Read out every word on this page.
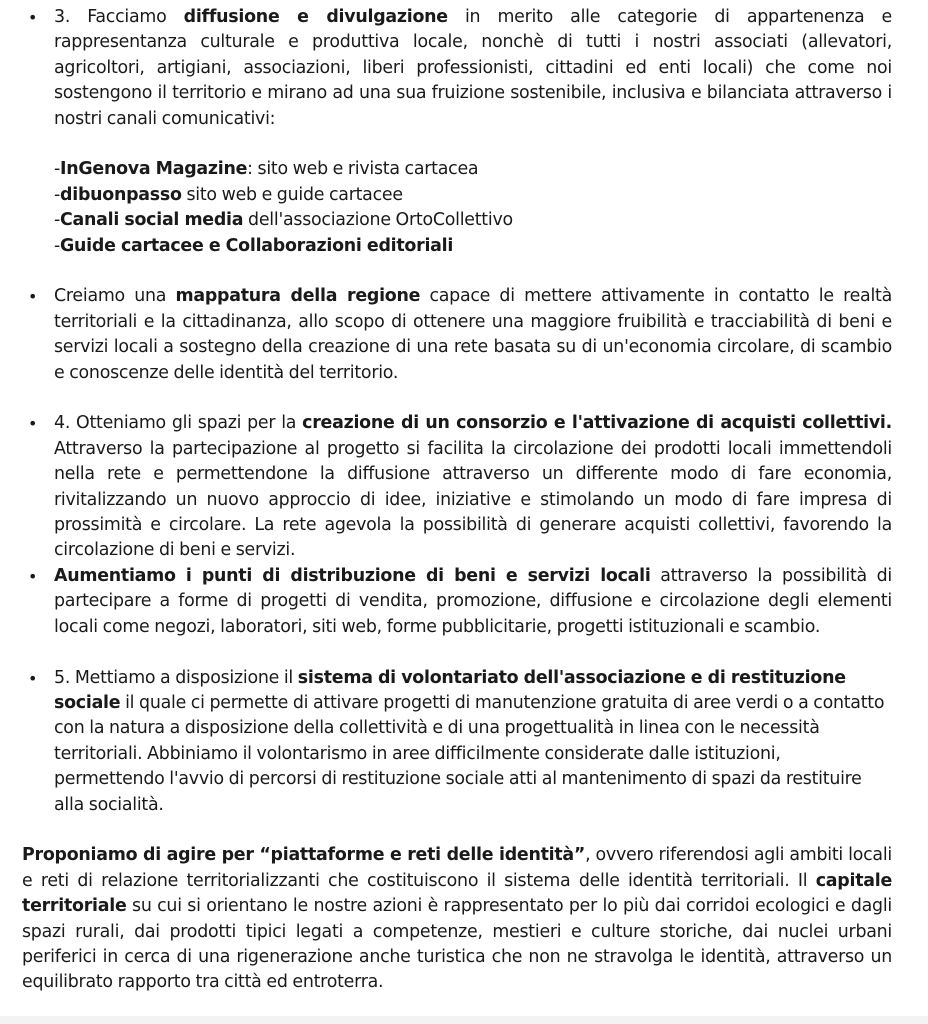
• 3. Facciamo diffusione e divulgazione in merito alle categorie di appartenenza e rappresentanza culturale e produttiva locale, nonchè di tutti i nostri associati (allevatori, agricoltori, artigiani, associazioni, liberi professionisti, cittadini ed enti locali) che come noi sostengono il territorio e mirano ad una sua fruizione sostenibile, inclusiva e bilanciata attraverso i nostri canali comunicativi:
-InGenova Magazine: sito web e rivista cartacea
-dibuonpasso sito web e guide cartacee
-Canali social media dell'associazione OrtoCollettivo
-Guide cartacee e Collaborazioni editoriali
• Creiamo una mappatura della regione capace di mettere attivamente in contatto le realtà territoriali e la cittadinanza, allo scopo di ottenere una maggiore fruibilità e tracciabilità di beni e servizi locali a sostegno della creazione di una rete basata su di un'economia circolare, di scambio e conoscenze delle identità del territorio.
• 4. Otteniamo gli spazi per la creazione di un consorzio e l'attivazione di acquisti collettivi. Attraverso la partecipazione al progetto si facilita la circolazione dei prodotti locali immettendoli nella rete e permettendone la diffusione attraverso un differente modo di fare economia, rivitalizzando un nuovo approccio di idee, iniziative e stimolando un modo di fare impresa di prossimità e circolare. La rete agevola la possibilità di generare acquisti collettivi, favorendo la circolazione di beni e servizi.
• Aumentiamo i punti di distribuzione di beni e servizi locali attraverso la possibilità di partecipare a forme di progetti di vendita, promozione, diffusione e circolazione degli elementi locali come negozi, laboratori, siti web, forme pubblicitarie, progetti istituzionali e scambio.
• 5. Mettiamo a disposizione il sistema di volontariato dell'associazione e di restituzione sociale il quale ci permette di attivare progetti di manutenzione gratuita di aree verdi o a contatto con la natura a disposizione della collettività e di una progettualità in linea con le necessità territoriali. Abbiniamo il volontarismo in aree difficilmente considerate dalle istituzioni, permettendo l'avvio di percorsi di restituzione sociale atti al mantenimento di spazi da restituire alla socialità.
Proponiamo di agire per “piattaforme e reti delle identità”, ovvero riferendosi agli ambiti locali e reti di relazione territorializzanti che costituiscono il sistema delle identità territoriali. Il capitale territoriale su cui si orientano le nostre azioni è rappresentato per lo più dai corridoi ecologici e dagli spazi rurali, dai prodotti tipici legati a competenze, mestieri e culture storiche, dai nuclei urbani periferici in cerca di una rigenerazione anche turistica che non ne stravolga le identità, attraverso un equilibrato rapporto tra città ed entroterra.
